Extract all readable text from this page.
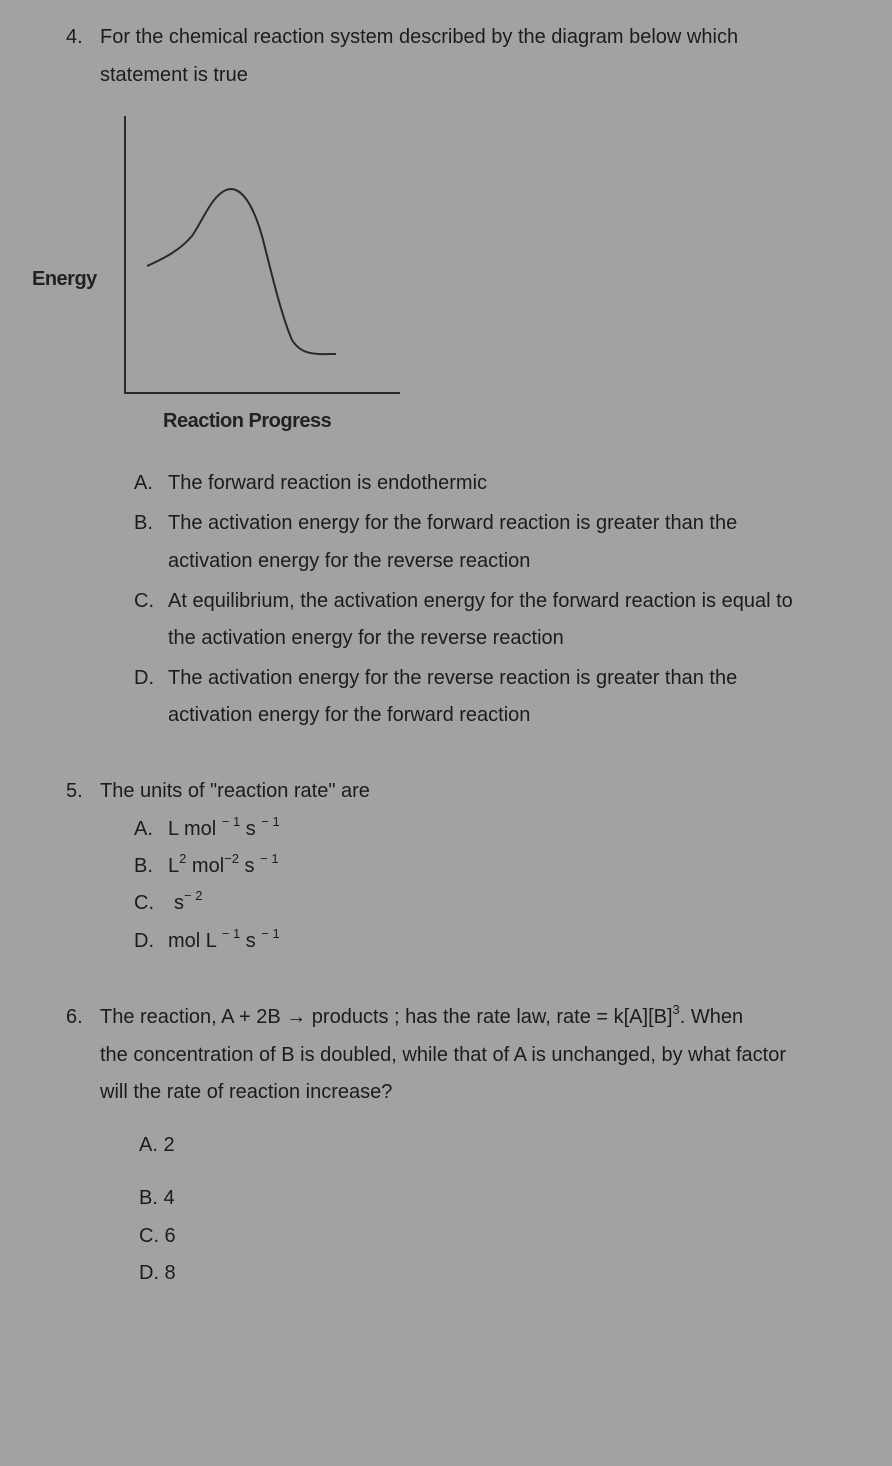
4. For the chemical reaction system described by the diagram below which
statement is true
Energy
Reaction Progress
A. The forward reaction is endothermic
B. The activation energy for the forward reaction is greater than the
activation energy for the reverse reaction
C. At equilibrium, the activation energy for the forward reaction is equal to
the activation energy for the reverse reaction
D. The activation energy for the reverse reaction is greater than the
activation energy for the forward reaction
5. The units of "reaction rate" are
A. L mol $^{- 1}$ s $^{- 1}$
B. $L^2$ mol$^{-2}$ s $^{- 1}$
C. $s^{- 2}$
D. mol L $^{- 1}$ s $^{- 1}$
6. The reaction, A + 2B → products ; has the rate law, rate = $k[A][B]^3$. When
the concentration of B is doubled, while that of A is unchanged, by what factor
will the rate of reaction increase?
A. 2
B. 4
C. 6
D. 8
